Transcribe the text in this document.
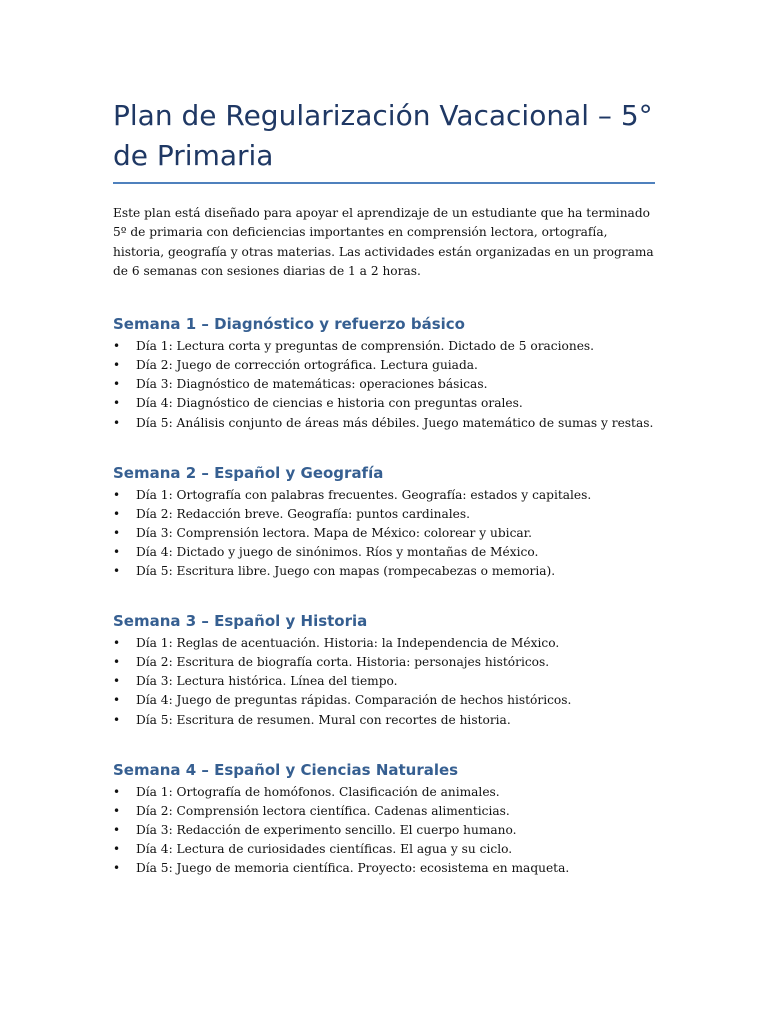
Plan de Regularización Vacacional – 5° de Primaria

Este plan está diseñado para apoyar el aprendizaje de un estudiante que ha terminado 5º de primaria con deficiencias importantes en comprensión lectora, ortografía, historia, geografía y otras materias. Las actividades están organizadas en un programa de 6 semanas con sesiones diarias de 1 a 2 horas.

Semana 1 – Diagnóstico y refuerzo básico
• Día 1: Lectura corta y preguntas de comprensión. Dictado de 5 oraciones.
• Día 2: Juego de corrección ortográfica. Lectura guiada.
• Día 3: Diagnóstico de matemáticas: operaciones básicas.
• Día 4: Diagnóstico de ciencias e historia con preguntas orales.
• Día 5: Análisis conjunto de áreas más débiles. Juego matemático de sumas y restas.
Semana 2 – Español y Geografía
• Día 1: Ortografía con palabras frecuentes. Geografía: estados y capitales.
• Día 2: Redacción breve. Geografía: puntos cardinales.
• Día 3: Comprensión lectora. Mapa de México: colorear y ubicar.
• Día 4: Dictado y juego de sinónimos. Ríos y montañas de México.
• Día 5: Escritura libre. Juego con mapas (rompecabezas o memoria).
Semana 3 – Español y Historia
• Día 1: Reglas de acentuación. Historia: la Independencia de México.
• Día 2: Escritura de biografía corta. Historia: personajes históricos.
• Día 3: Lectura histórica. Línea del tiempo.
• Día 4: Juego de preguntas rápidas. Comparación de hechos históricos.
• Día 5: Escritura de resumen. Mural con recortes de historia.
Semana 4 – Español y Ciencias Naturales
• Día 1: Ortografía de homófonos. Clasificación de animales.
• Día 2: Comprensión lectora científica. Cadenas alimenticias.
• Día 3: Redacción de experimento sencillo. El cuerpo humano.
• Día 4: Lectura de curiosidades científicas. El agua y su ciclo.
• Día 5: Juego de memoria científica. Proyecto: ecosistema en maqueta.
